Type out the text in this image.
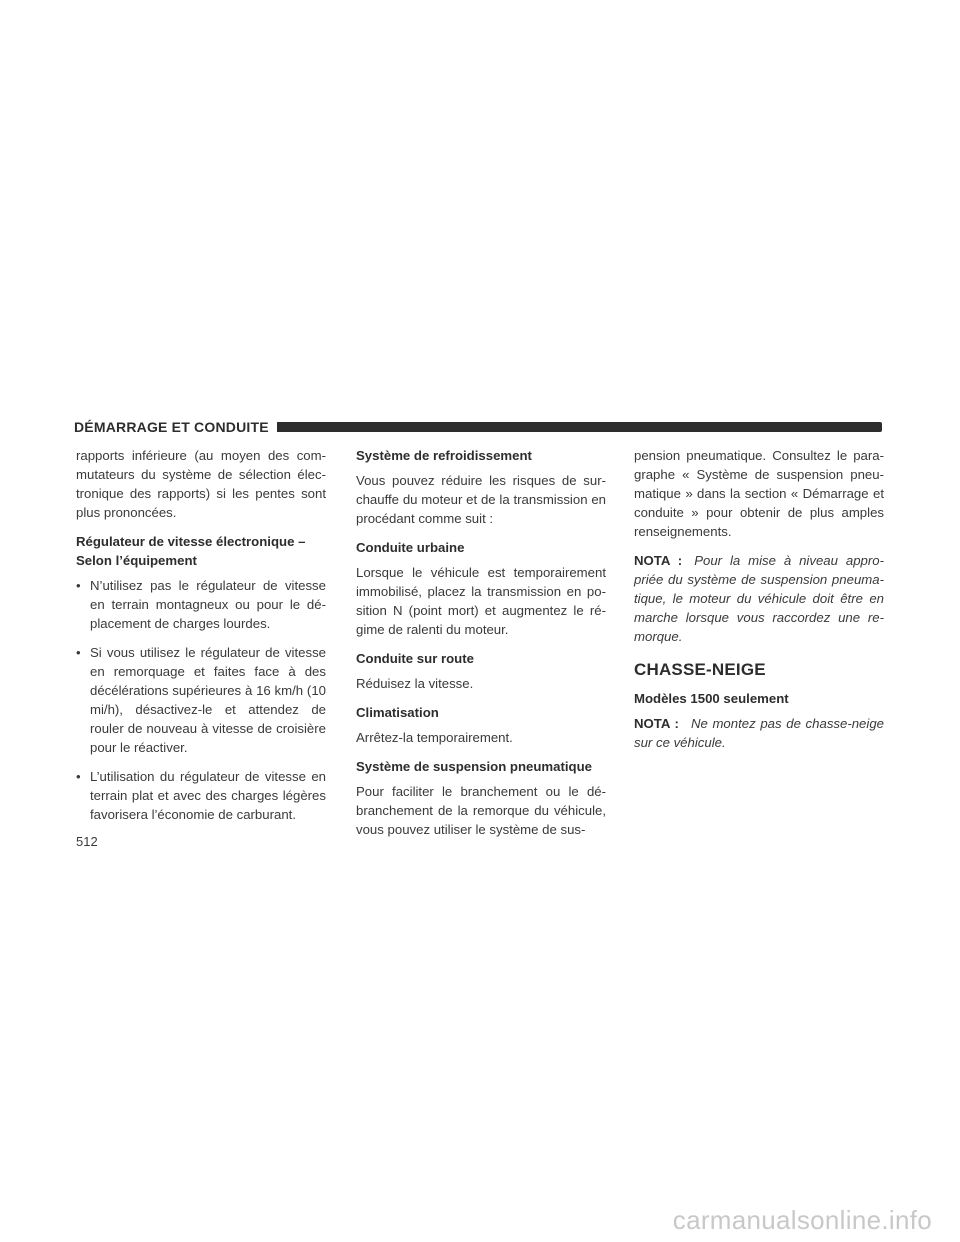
DÉMARRAGE ET CONDUITE

rapports inférieure (au moyen des com-mutateurs du système de sélection élec-tronique des rapports) si les pentes sont plus prononcées.

Régulateur de vitesse électronique – Selon l’équipement

• N’utilisez pas le régulateur de vitesse en terrain montagneux ou pour le dé-placement de charges lourdes.
• Si vous utilisez le régulateur de vitesse en remorquage et faites face à des décélérations supérieures à 16 km/h (10 mi/h), désactivez-le et attendez de rouler de nouveau à vitesse de croisière pour le réactiver.
• L’utilisation du régulateur de vitesse en terrain plat et avec des charges légères favorisera l’économie de carburant.

Système de refroidissement

Vous pouvez réduire les risques de sur-chauffe du moteur et de la transmission en procédant comme suit :

Conduite urbaine

Lorsque le véhicule est temporairement immobilisé, placez la transmission en po-sition N (point mort) et augmentez le ré-gime de ralenti du moteur.

Conduite sur route

Réduisez la vitesse.

Climatisation

Arrêtez-la temporairement.

Système de suspension pneumatique

Pour faciliter le branchement ou le dé-branchement de la remorque du véhicule, vous pouvez utiliser le système de sus-

pension pneumatique. Consultez le para-graphe « Système de suspension pneu-matique » dans la section « Démarrage et conduite » pour obtenir de plus amples renseignements.

NOTA : Pour la mise à niveau appro-priée du système de suspension pneuma-tique, le moteur du véhicule doit être en marche lorsque vous raccordez une re-morque.

CHASSE-NEIGE

Modèles 1500 seulement

NOTA : Ne montez pas de chasse-neige sur ce véhicule.

512
carmanualsonline.info
